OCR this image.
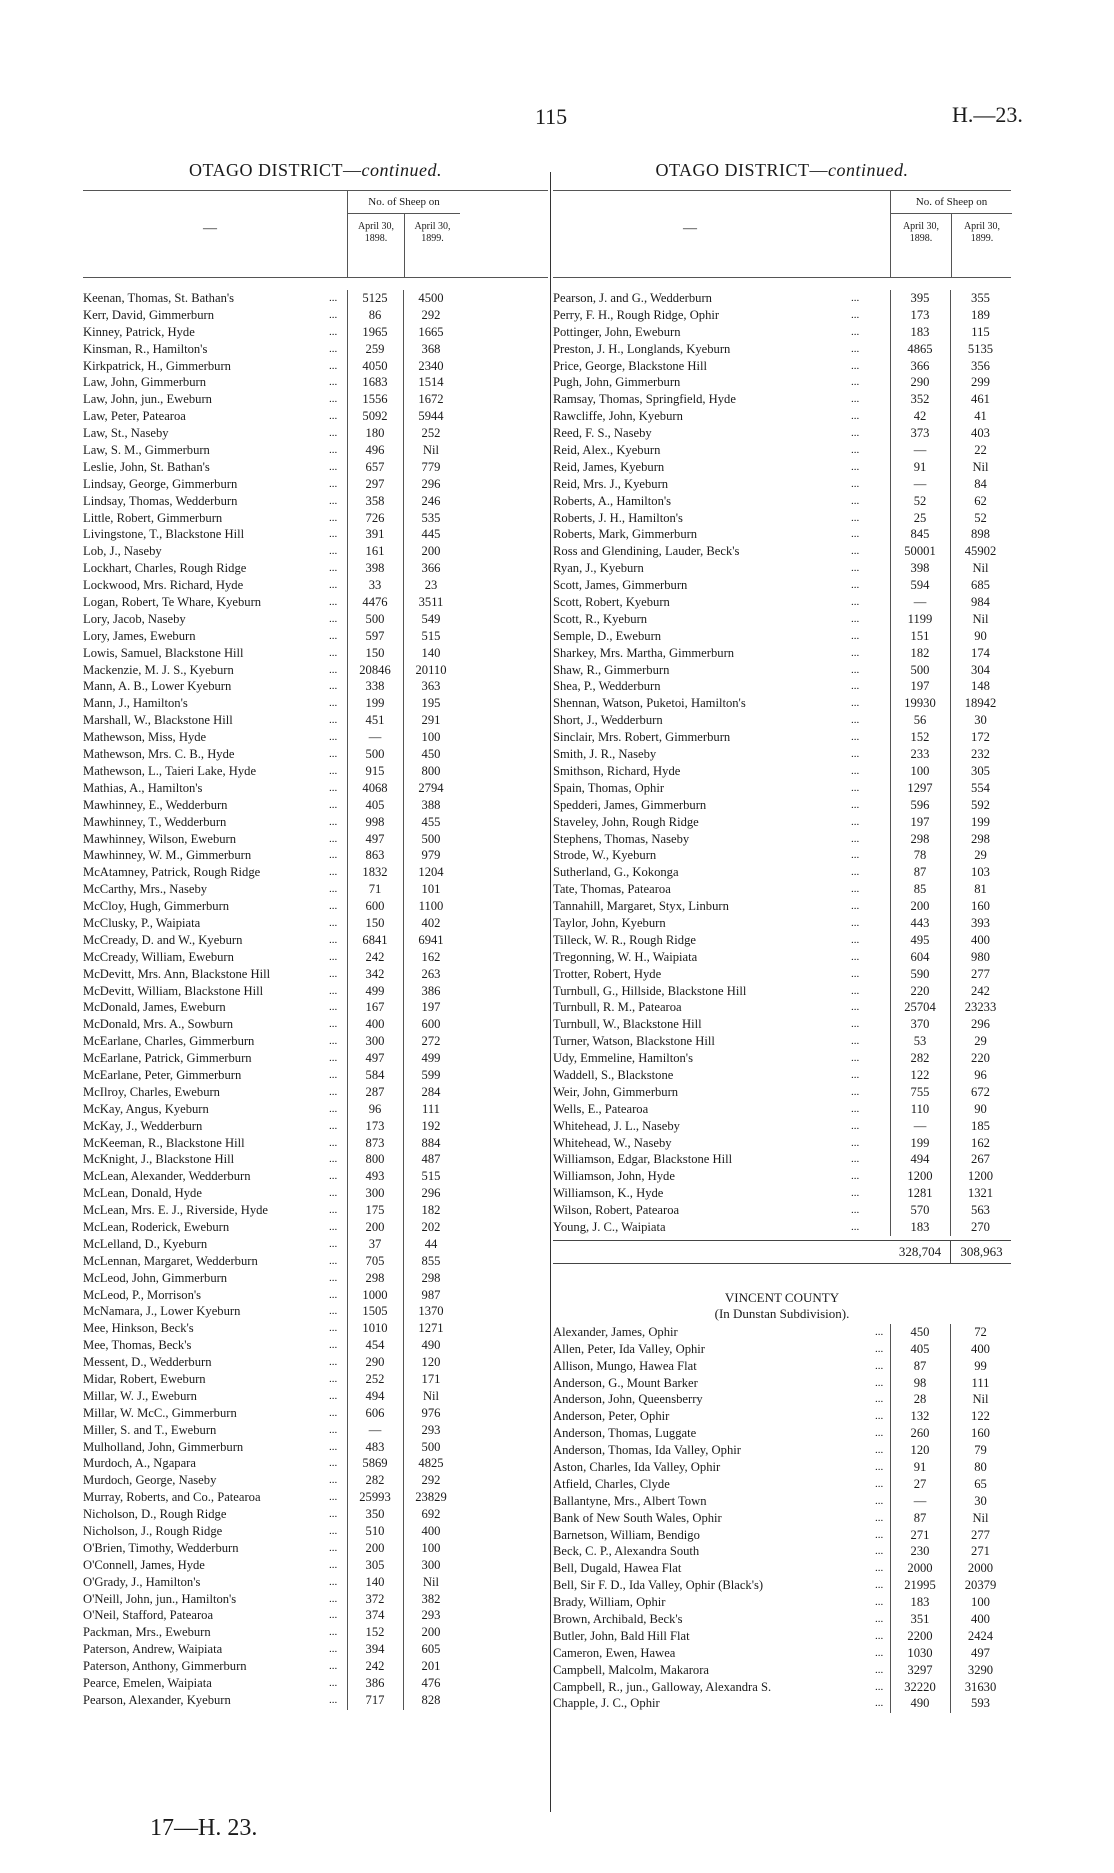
115	H.—23.
OTAGO DISTRICT—continued.
—
No. of Sheep on
April 30, 1898.
April 30, 1899.
Keenan, Thomas, St. Bathan's	...	5125	4500
Kerr, David, Gimmerburn	...	86	292
Kinney, Patrick, Hyde	...	1965	1665
Kinsman, R., Hamilton's	...	259	368
Kirkpatrick, H., Gimmerburn	...	4050	2340
Law, John, Gimmerburn	...	1683	1514
Law, John, jun., Eweburn	...	1556	1672
Law, Peter, Patearoa	...	5092	5944
Law, St., Naseby	...	180	252
Law, S. M., Gimmerburn	...	496	Nil
Leslie, John, St. Bathan's	...	657	779
Lindsay, George, Gimmerburn	...	297	296
Lindsay, Thomas, Wedderburn	...	358	246
Little, Robert, Gimmerburn	...	726	535
Livingstone, T., Blackstone Hill	...	391	445
Lob, J., Naseby	...	161	200
Lockhart, Charles, Rough Ridge	...	398	366
Lockwood, Mrs. Richard, Hyde	...	33	23
Logan, Robert, Te Whare, Kyeburn	...	4476	3511
Lory, Jacob, Naseby	...	500	549
Lory, James, Eweburn	...	597	515
Lowis, Samuel, Blackstone Hill	...	150	140
Mackenzie, M. J. S., Kyeburn	...	20846	20110
Mann, A. B., Lower Kyeburn	...	338	363
Mann, J., Hamilton's	...	199	195
Marshall, W., Blackstone Hill	...	451	291
Mathewson, Miss, Hyde	...	—	100
Mathewson, Mrs. C. B., Hyde	...	500	450
Mathewson, L., Taieri Lake, Hyde	...	915	800
Mathias, A., Hamilton's	...	4068	2794
Mawhinney, E., Wedderburn	...	405	388
Mawhinney, T., Wedderburn	...	998	455
Mawhinney, Wilson, Eweburn	...	497	500
Mawhinney, W. M., Gimmerburn	...	863	979
McAtamney, Patrick, Rough Ridge	...	1832	1204
McCarthy, Mrs., Naseby	...	71	101
McCloy, Hugh, Gimmerburn	...	600	1100
McClusky, P., Waipiata	...	150	402
McCready, D. and W., Kyeburn	...	6841	6941
McCready, William, Eweburn	...	242	162
McDevitt, Mrs. Ann, Blackstone Hill	...	342	263
McDevitt, William, Blackstone Hill	...	499	386
McDonald, James, Eweburn	...	167	197
McDonald, Mrs. A., Sowburn	...	400	600
McEarlane, Charles, Gimmerburn	...	300	272
McEarlane, Patrick, Gimmerburn	...	497	499
McEarlane, Peter, Gimmerburn	...	584	599
McIlroy, Charles, Eweburn	...	287	284
McKay, Angus, Kyeburn	...	96	111
McKay, J., Wedderburn	...	173	192
McKeeman, R., Blackstone Hill	...	873	884
McKnight, J., Blackstone Hill	...	800	487
McLean, Alexander, Wedderburn	...	493	515
McLean, Donald, Hyde	...	300	296
McLean, Mrs. E. J., Riverside, Hyde	...	175	182
McLean, Roderick, Eweburn	...	200	202
McLelland, D., Kyeburn	...	37	44
McLennan, Margaret, Wedderburn	...	705	855
McLeod, John, Gimmerburn	...	298	298
McLeod, P., Morrison's	...	1000	987
McNamara, J., Lower Kyeburn	...	1505	1370
Mee, Hinkson, Beck's	...	1010	1271
Mee, Thomas, Beck's	...	454	490
Messent, D., Wedderburn	...	290	120
Midar, Robert, Eweburn	...	252	171
Millar, W. J., Eweburn	...	494	Nil
Millar, W. McC., Gimmerburn	...	606	976
Miller, S. and T., Eweburn	...	—	293
Mulholland, John, Gimmerburn	...	483	500
Murdoch, A., Ngapara	...	5869	4825
Murdoch, George, Naseby	...	282	292
Murray, Roberts, and Co., Patearoa	...	25993	23829
Nicholson, D., Rough Ridge	...	350	692
Nicholson, J., Rough Ridge	...	510	400
O'Brien, Timothy, Wedderburn	...	200	100
O'Connell, James, Hyde	...	305	300
O'Grady, J., Hamilton's	...	140	Nil
O'Neill, John, jun., Hamilton's	...	372	382
O'Neil, Stafford, Patearoa	...	374	293
Packman, Mrs., Eweburn	...	152	200
Paterson, Andrew, Waipiata	...	394	605
Paterson, Anthony, Gimmerburn	...	242	201
Pearce, Emelen, Waipiata	...	386	476
Pearson, Alexander, Kyeburn	...	717	828
OTAGO DISTRICT—continued.
—
No. of Sheep on
April 30, 1898.
April 30, 1899.
Pearson, J. and G., Wedderburn	...	395	355
Perry, F. H., Rough Ridge, Ophir	...	173	189
Pottinger, John, Eweburn	...	183	115
Preston, J. H., Longlands, Kyeburn	...	4865	5135
Price, George, Blackstone Hill	...	366	356
Pugh, John, Gimmerburn	...	290	299
Ramsay, Thomas, Springfield, Hyde	...	352	461
Rawcliffe, John, Kyeburn	...	42	41
Reed, F. S., Naseby	...	373	403
Reid, Alex., Kyeburn	...	—	22
Reid, James, Kyeburn	...	91	Nil
Reid, Mrs. J., Kyeburn	...	—	84
Roberts, A., Hamilton's	...	52	62
Roberts, J. H., Hamilton's	...	25	52
Roberts, Mark, Gimmerburn	...	845	898
Ross and Glendining, Lauder, Beck's	...	50001	45902
Ryan, J., Kyeburn	...	398	Nil
Scott, James, Gimmerburn	...	594	685
Scott, Robert, Kyeburn	...	—	984
Scott, R., Kyeburn	...	1199	Nil
Semple, D., Eweburn	...	151	90
Sharkey, Mrs. Martha, Gimmerburn	...	182	174
Shaw, R., Gimmerburn	...	500	304
Shea, P., Wedderburn	...	197	148
Shennan, Watson, Puketoi, Hamilton's	...	19930	18942
Short, J., Wedderburn	...	56	30
Sinclair, Mrs. Robert, Gimmerburn	...	152	172
Smith, J. R., Naseby	...	233	232
Smithson, Richard, Hyde	...	100	305
Spain, Thomas, Ophir	...	1297	554
Spedderi, James, Gimmerburn	...	596	592
Staveley, John, Rough Ridge	...	197	199
Stephens, Thomas, Naseby	...	298	298
Strode, W., Kyeburn	...	78	29
Sutherland, G., Kokonga	...	87	103
Tate, Thomas, Patearoa	...	85	81
Tannahill, Margaret, Styx, Linburn	...	200	160
Taylor, John, Kyeburn	...	443	393
Tilleck, W. R., Rough Ridge	...	495	400
Tregonning, W. H., Waipiata	...	604	980
Trotter, Robert, Hyde	...	590	277
Turnbull, G., Hillside, Blackstone Hill	...	220	242
Turnbull, R. M., Patearoa	...	25704	23233
Turnbull, W., Blackstone Hill	...	370	296
Turner, Watson, Blackstone Hill	...	53	29
Udy, Emmeline, Hamilton's	...	282	220
Waddell, S., Blackstone	...	122	96
Weir, John, Gimmerburn	...	755	672
Wells, E., Patearoa	...	110	90
Whitehead, J. L., Naseby	...	—	185
Whitehead, W., Naseby	...	199	162
Williamson, Edgar, Blackstone Hill	...	494	267
Williamson, John, Hyde	...	1200	1200
Williamson, K., Hyde	...	1281	1321
Wilson, Robert, Patearoa	...	570	563
Young, J. C., Waipiata	...	183	270
328,704	308,963
VINCENT COUNTY
(In Dunstan Subdivision).
Alexander, James, Ophir	...	450	72
Allen, Peter, Ida Valley, Ophir	...	405	400
Allison, Mungo, Hawea Flat	...	87	99
Anderson, G., Mount Barker	...	98	111
Anderson, John, Queensberry	...	28	Nil
Anderson, Peter, Ophir	...	132	122
Anderson, Thomas, Luggate	...	260	160
Anderson, Thomas, Ida Valley, Ophir	...	120	79
Aston, Charles, Ida Valley, Ophir	...	91	80
Atfield, Charles, Clyde	...	27	65
Ballantyne, Mrs., Albert Town	...	—	30
Bank of New South Wales, Ophir	...	87	Nil
Barnetson, William, Bendigo	...	271	277
Beck, C. P., Alexandra South	...	230	271
Bell, Dugald, Hawea Flat	...	2000	2000
Bell, Sir F. D., Ida Valley, Ophir (Black's)	...	21995	20379
Brady, William, Ophir	...	183	100
Brown, Archibald, Beck's	...	351	400
Butler, John, Bald Hill Flat	...	2200	2424
Cameron, Ewen, Hawea	...	1030	497
Campbell, Malcolm, Makarora	...	3297	3290
Campbell, R., jun., Galloway, Alexandra S.	...	32220	31630
Chapple, J. C., Ophir	...	490	593
17—H. 23.
